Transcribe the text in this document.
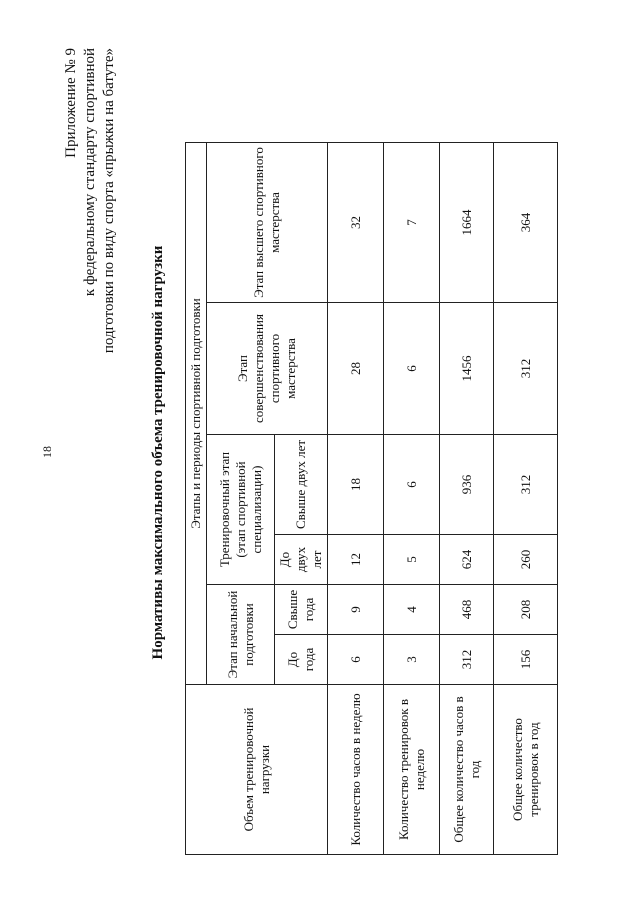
18
Приложение № 9 к федеральному стандарту спортивной подготовки по виду спорта «прыжки на батуте»
Нормативы максимального объема тренировочной нагрузки
Объем тренировочной нагрузки	Этапы и периоды спортивной подготовки					
	Этап начальной подготовки		Тренировочный этап (этап спортивной специализации)		Этап совершенствования спортивного мастерства	Этап высшего спортивного мастерства
	До года	Свыше года	До двух лет	Свыше двух лет		
Количество часов в неделю	6	9	12	18	28	32
Количество тренировок в неделю	3	4	5	6	6	7
Общее количество часов в год	312	468	624	936	1456	1664
Общее количество тренировок в год	156	208	260	312	312	364
